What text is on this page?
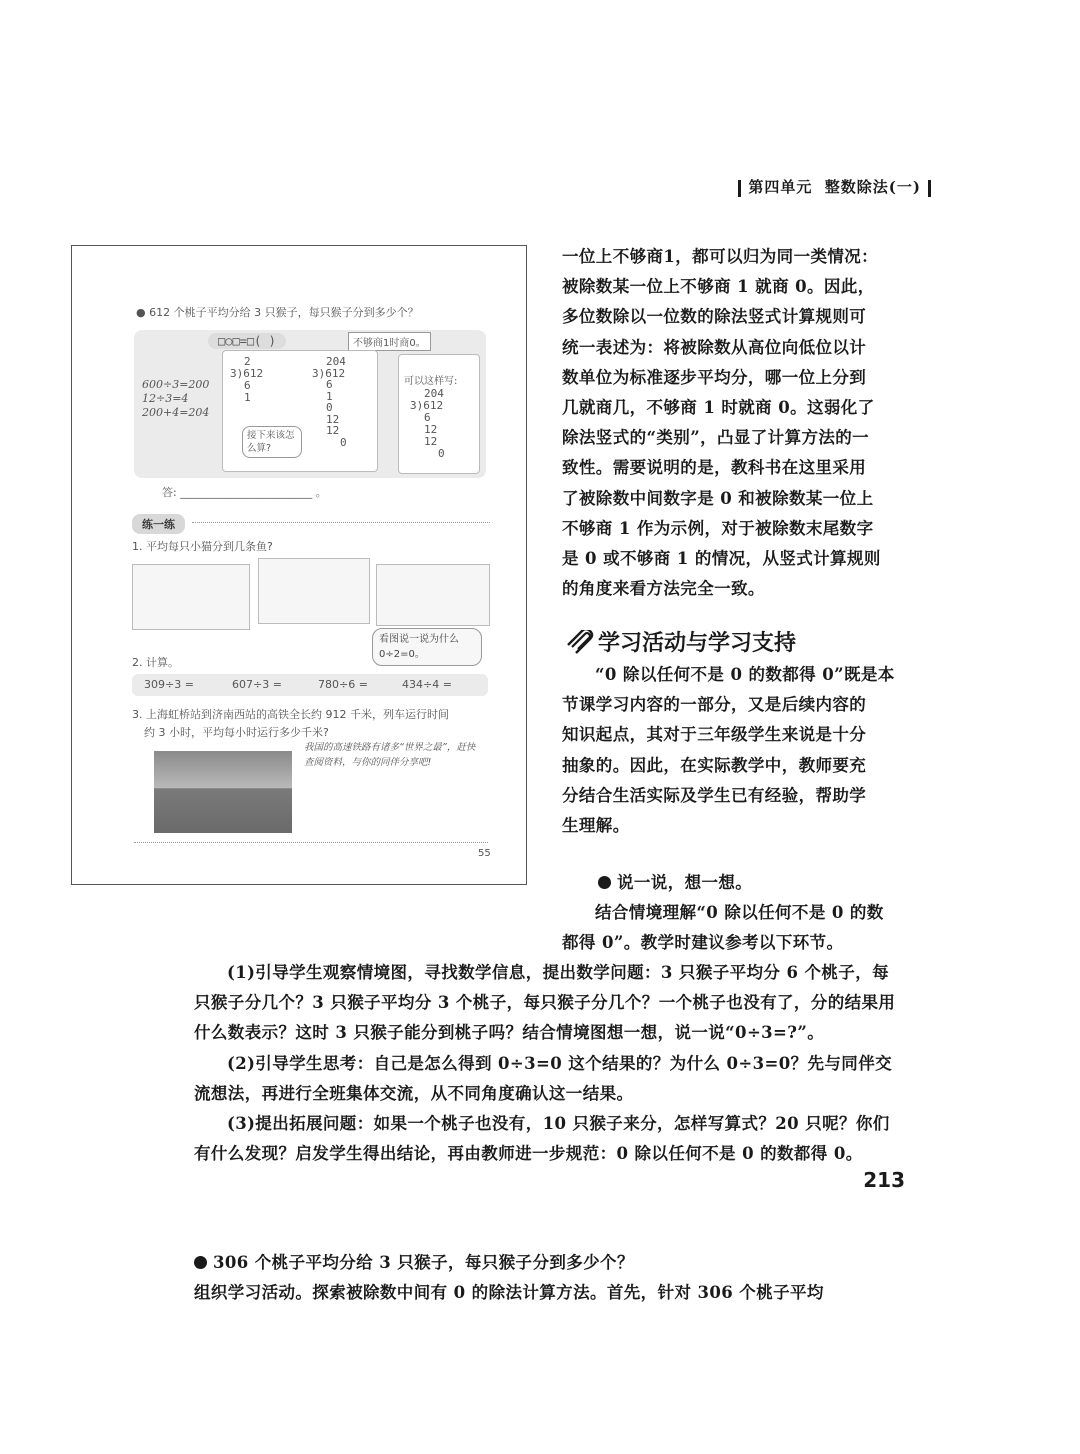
第四单元 整数除法(一)
● 612 个桃子平均分给 3 只猴子，每只猴子分到多少个？
□○□=□( )	不够商1时商0。
600÷3=200
12÷3=4
200+4=204
2
3)612
6
1
204
3)612
6
1
0
12
12
0
接下来该怎么算?
可以这样写:
204
3)612
6
12
12
0
答: ________________________ 。
练一练
1. 平均每只小猫分到几条鱼?
看图说一说为什么0÷2=0。
2. 计算。
309÷3 =	607÷3 =	780÷6 =	434÷4 =
3. 上海虹桥站到济南西站的高铁全长约 912 千米，列车运行时间
约 3 小时，平均每小时运行多少千米?
我国的高速铁路有诸多“世界之最”，赶快查阅资料，与你的同伴分享吧!
55

一位上不够商1，都可以归为同一类情况：

被除数某一位上不够商 1 就商 0。因此，

多位数除以一位数的除法竖式计算规则可

统一表述为：将被除数从高位向低位以计

数单位为标准逐步平均分，哪一位上分到

几就商几，不够商 1 时就商 0。这弱化了

除法竖式的“类别”，凸显了计算方法的一

致性。需要说明的是，教科书在这里采用

了被除数中间数字是 0 和被除数某一位上

不够商 1 作为示例，对于被除数末尾数字

是 0 或不够商 1 的情况，从竖式计算规则

的角度来看方法完全一致。

学习活动与学习支持

“0 除以任何不是 0 的数都得 0”既是本

节课学习内容的一部分，又是后续内容的

知识起点，其对于三年级学生来说是十分

抽象的。因此，在实际教学中，教师要充

分结合生活实际及学生已有经验，帮助学

生理解。

说一说，想一想。

结合情境理解“0 除以任何不是 0 的数

都得 0”。教学时建议参考以下环节。

(1)引导学生观察情境图，寻找数学信息，提出数学问题：3 只猴子平均分 6 个桃子，每只猴子分几个？3 只猴子平均分 3 个桃子，每只猴子分几个？一个桃子也没有了，分的结果用什么数表示？这时 3 只猴子能分到桃子吗？结合情境图想一想，说一说“0÷3=?”。

(2)引导学生思考：自己是怎么得到 0÷3=0 这个结果的？为什么 0÷3=0？先与同伴交流想法，再进行全班集体交流，从不同角度确认这一结果。

(3)提出拓展问题：如果一个桃子也没有，10 只猴子来分，怎样写算式？20 只呢？你们有什么发现？启发学生得出结论，再由教师进一步规范：0 除以任何不是 0 的数都得 0。

306 个桃子平均分给 3 只猴子，每只猴子分到多少个？
组织学习活动。探索被除数中间有 0 的除法计算方法。首先，针对 306 个桃子平均
213
